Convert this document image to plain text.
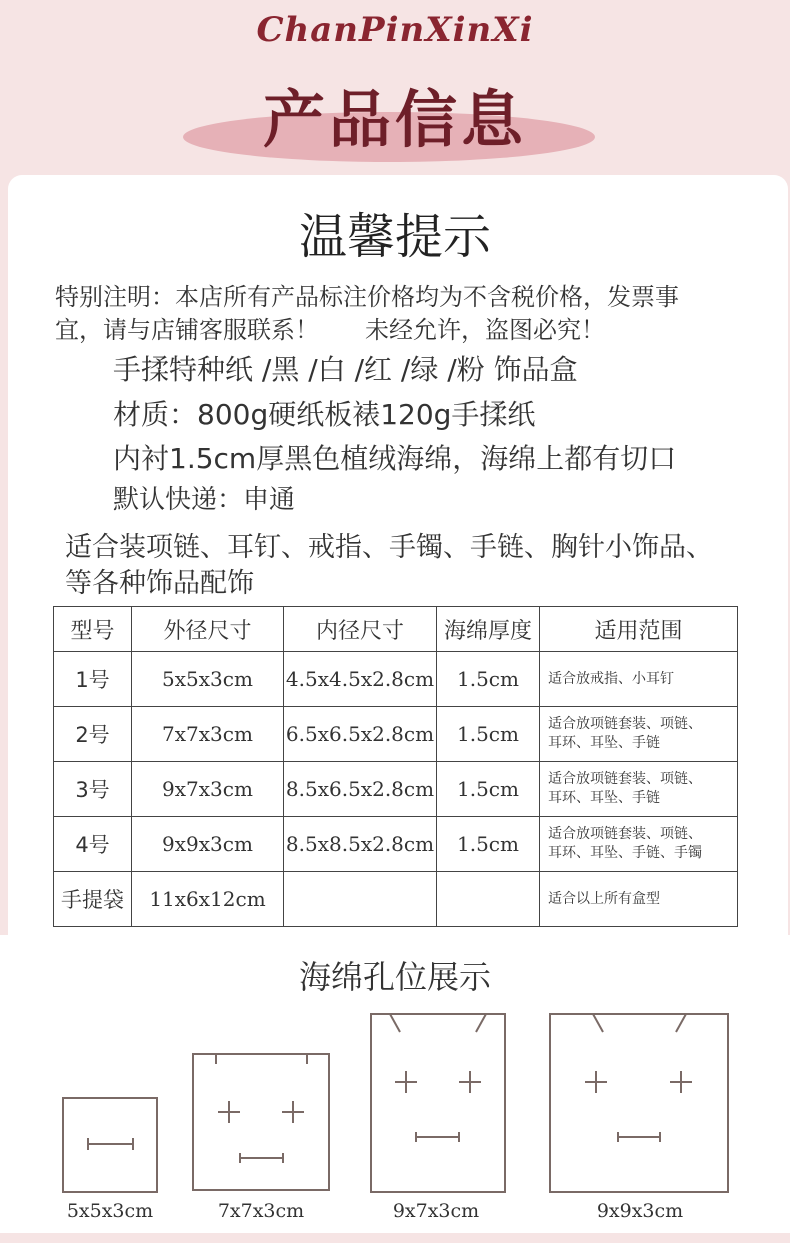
ChanPinXinXi
产品信息
温馨提示
特别注明：本店所有产品标注价格均为不含税价格，发票事
宜，请与店铺客服联系！ 未经允许，盗图必究！
手揉特种纸 /黑 /白 /红 /绿 /粉 饰品盒
材质：800g硬纸板裱120g手揉纸
内衬1.5cm厚黑色植绒海绵，海绵上都有切口
默认快递：申通
适合装项链、耳钉、戒指、手镯、手链、胸针小饰品、
等各种饰品配饰
型号	外径尺寸	内径尺寸	海绵厚度	适用范围
1号	5x5x3cm	4.5x4.5x2.8cm	1.5cm	适合放戒指、小耳钉
2号	7x7x3cm	6.5x6.5x2.8cm	1.5cm	适合放项链套装、项链、
耳环、耳坠、手链
3号	9x7x3cm	8.5x6.5x2.8cm	1.5cm	适合放项链套装、项链、
耳环、耳坠、手链
4号	9x9x3cm	8.5x8.5x2.8cm	1.5cm	适合放项链套装、项链、
耳环、耳坠、手链、手镯
手提袋	11x6x12cm			适合以上所有盒型
海绵孔位展示
5x5x3cm	7x7x3cm	9x7x3cm	9x9x3cm
